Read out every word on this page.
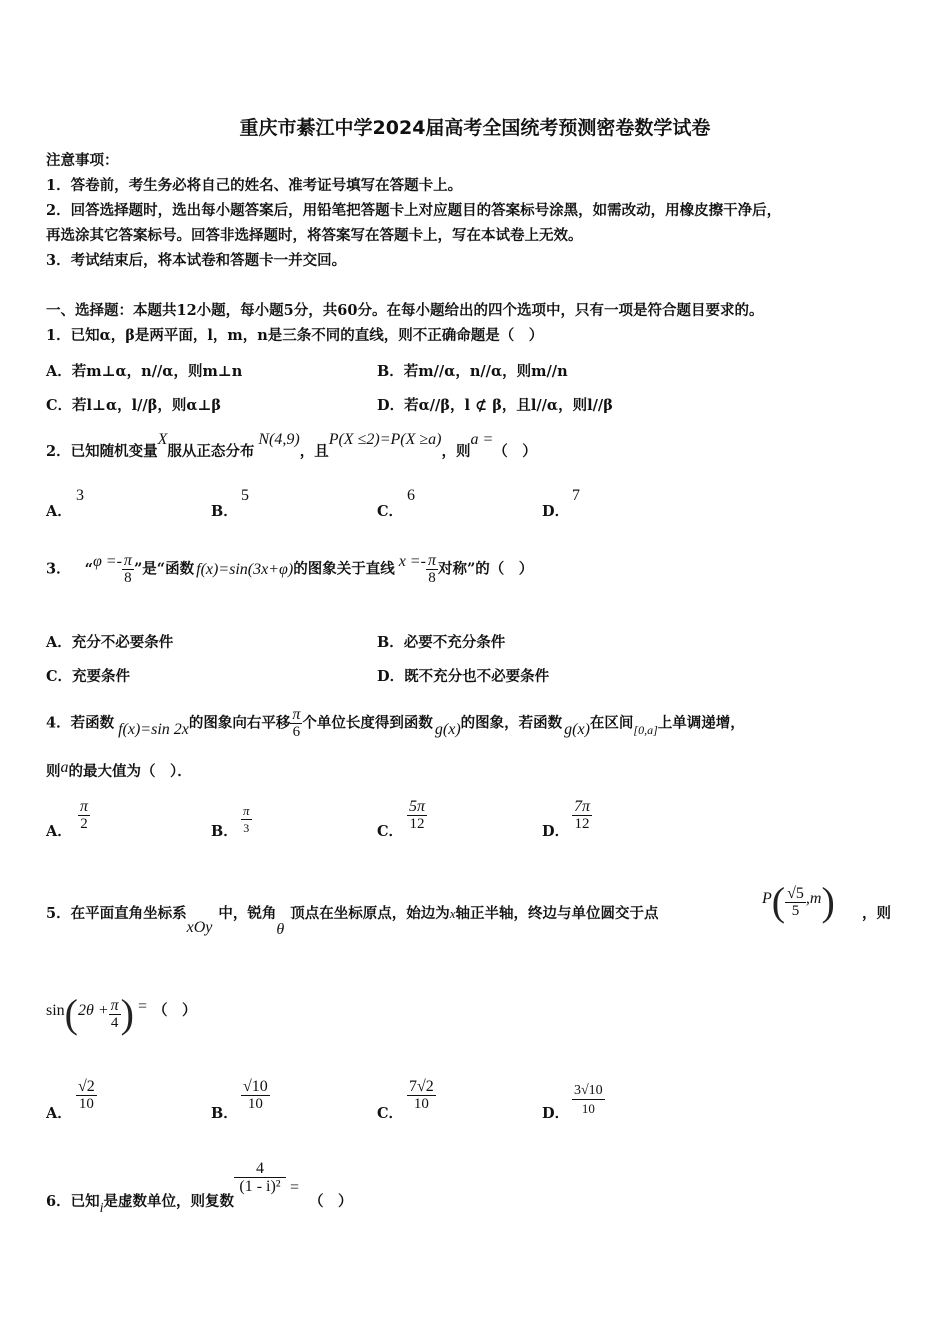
重庆市綦江中学2024届高考全国统考预测密卷数学试卷
注意事项：
1．答卷前，考生务必将自己的姓名、准考证号填写在答题卡上。
2．回答选择题时，选出每小题答案后，用铅笔把答题卡上对应题目的答案标号涂黑，如需改动，用橡皮擦干净后，
再选涂其它答案标号。回答非选择题时，将答案写在答题卡上，写在本试卷上无效。
3．考试结束后，将本试卷和答题卡一并交回。
一、选择题：本题共12小题，每小题5分，共60分。在每小题给出的四个选项中，只有一项是符合题目要求的。
1．已知α，β是两平面，l，m，n是三条不同的直线，则不正确命题是（　）
A．若m⊥α，n//α，则m⊥n	B．若m//α，n//α，则m//n
C．若l⊥α，l//β，则α⊥β	D．若α//β，l ⊄ β，且l//α，则l//β
2．已知随机变量X服从正态分布N(4,9)，且P(X ≤2)=P(X ≥a)，则a =（　）
A．
3
B．
5
C．
6
D．
7
3． “$\varphi =- \frac{\pi}{8}$ ”是“函数 f(x)=sin(3x+φ)的图象关于直线 $x =- \frac{\pi}{8}$ 对称”的（　）
A．充分不必要条件	B．必要不充分条件
C．充要条件	D．既不充分也不必要条件
4．若函数 f(x)=sin 2x的图象向右平移 $\frac{\pi}{6}$ 个单位长度得到函数 g(x)的图象，若函数 g(x)在区间$_{[0,a]}$上单调递增，
则a的最大值为（　）．
A． $\frac{\pi}{2}$	B． $\frac{\pi}{3}$	C． $\frac{5\pi}{12}$	D． $\frac{7\pi}{12}$
5．在平面直角坐标系xOy中，锐角θ顶点在坐标原点，始边为x轴正半轴，终边与单位圆交于点
$P( \frac{√5}{5} ,m)$ ，则
$\sin(2\theta + \frac{\pi}{4}$ ) = （　）
A．
$\frac{√2}{10}$
B．
$\frac{√10}{10}$
C．
$\frac{7√2}{10}$
D． $\frac{3√10}{10}$
6．已知i是虚数单位，则复数
$\frac{4}{\text{(1 - i)²}}$ =（　）
